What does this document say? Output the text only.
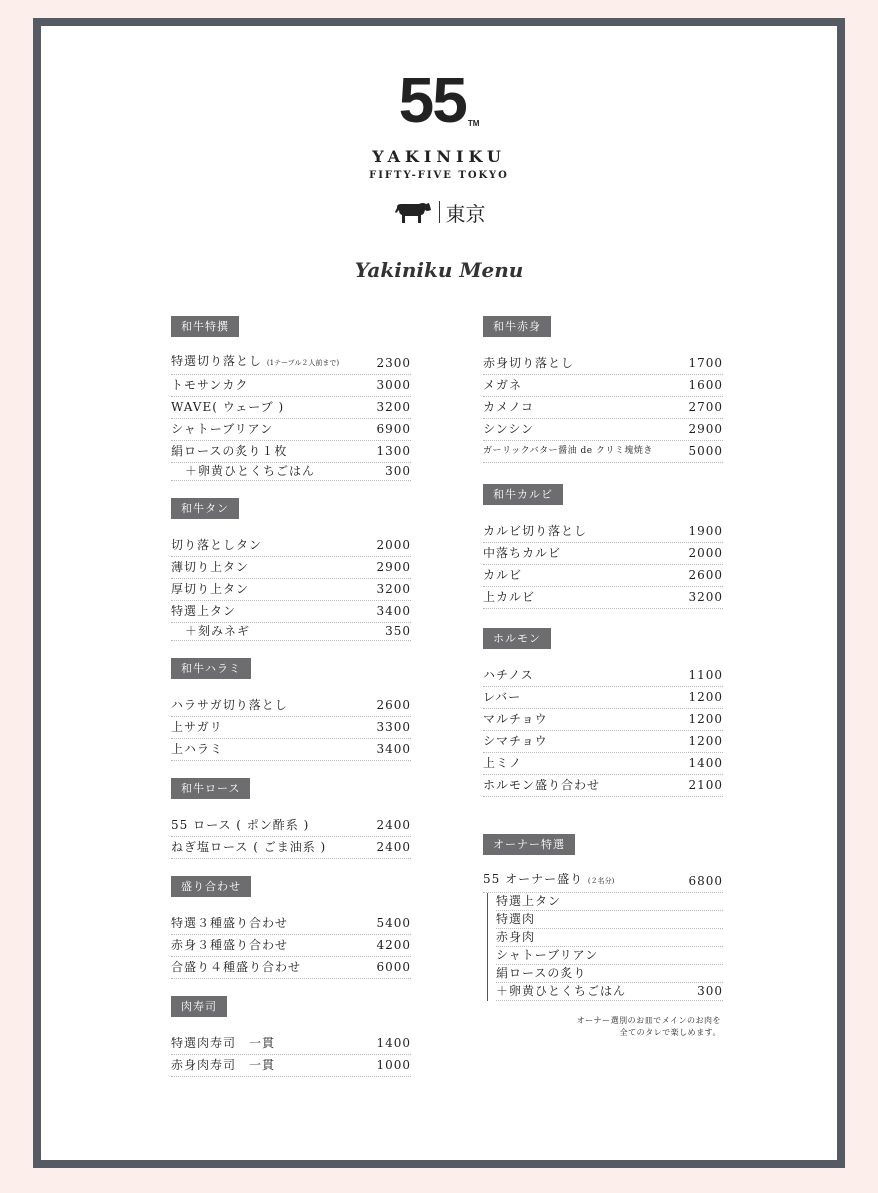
55 TM
YAKINIKU
FIFTY-FIVE TOKYO
東京
Yakiniku Menu
和牛特撰
特選切り落とし (1テーブル２人前まで)	2300
トモサンカク	3000
WAVE( ウェーブ )	3200
シャトーブリアン	6900
絹ロースの炙り１枚	1300
＋卵黄ひとくちごはん	300
和牛タン
切り落としタン	2000
薄切り上タン	2900
厚切り上タン	3200
特選上タン	3400
＋刻みネギ	350
和牛ハラミ
ハラサガ切り落とし	2600
上サガリ	3300
上ハラミ	3400
和牛ロース
55 ロース ( ポン酢系 )	2400
ねぎ塩ロース ( ごま油系 )	2400
盛り合わせ
特選３種盛り合わせ	5400
赤身３種盛り合わせ	4200
合盛り４種盛り合わせ	6000
肉寿司
特選肉寿司　一貫	1400
赤身肉寿司　一貫	1000
和牛赤身
赤身切り落とし	1700
メガネ	1600
カメノコ	2700
シンシン	2900
ガーリックバター醤油 de クリミ塊焼き	5000
和牛カルビ
カルビ切り落とし	1900
中落ちカルビ	2000
カルビ	2600
上カルビ	3200
ホルモン
ハチノス	1100
レバー	1200
マルチョウ	1200
シマチョウ	1200
上ミノ	1400
ホルモン盛り合わせ	2100
オーナー特選
55 オーナー盛り (２名分)	6800
特選上タン
特選肉
赤身肉
シャトーブリアン
絹ロースの炙り
＋卵黄ひとくちごはん	300
オーナー選別のお皿でメインのお肉を
全てのタレで楽しめます。
